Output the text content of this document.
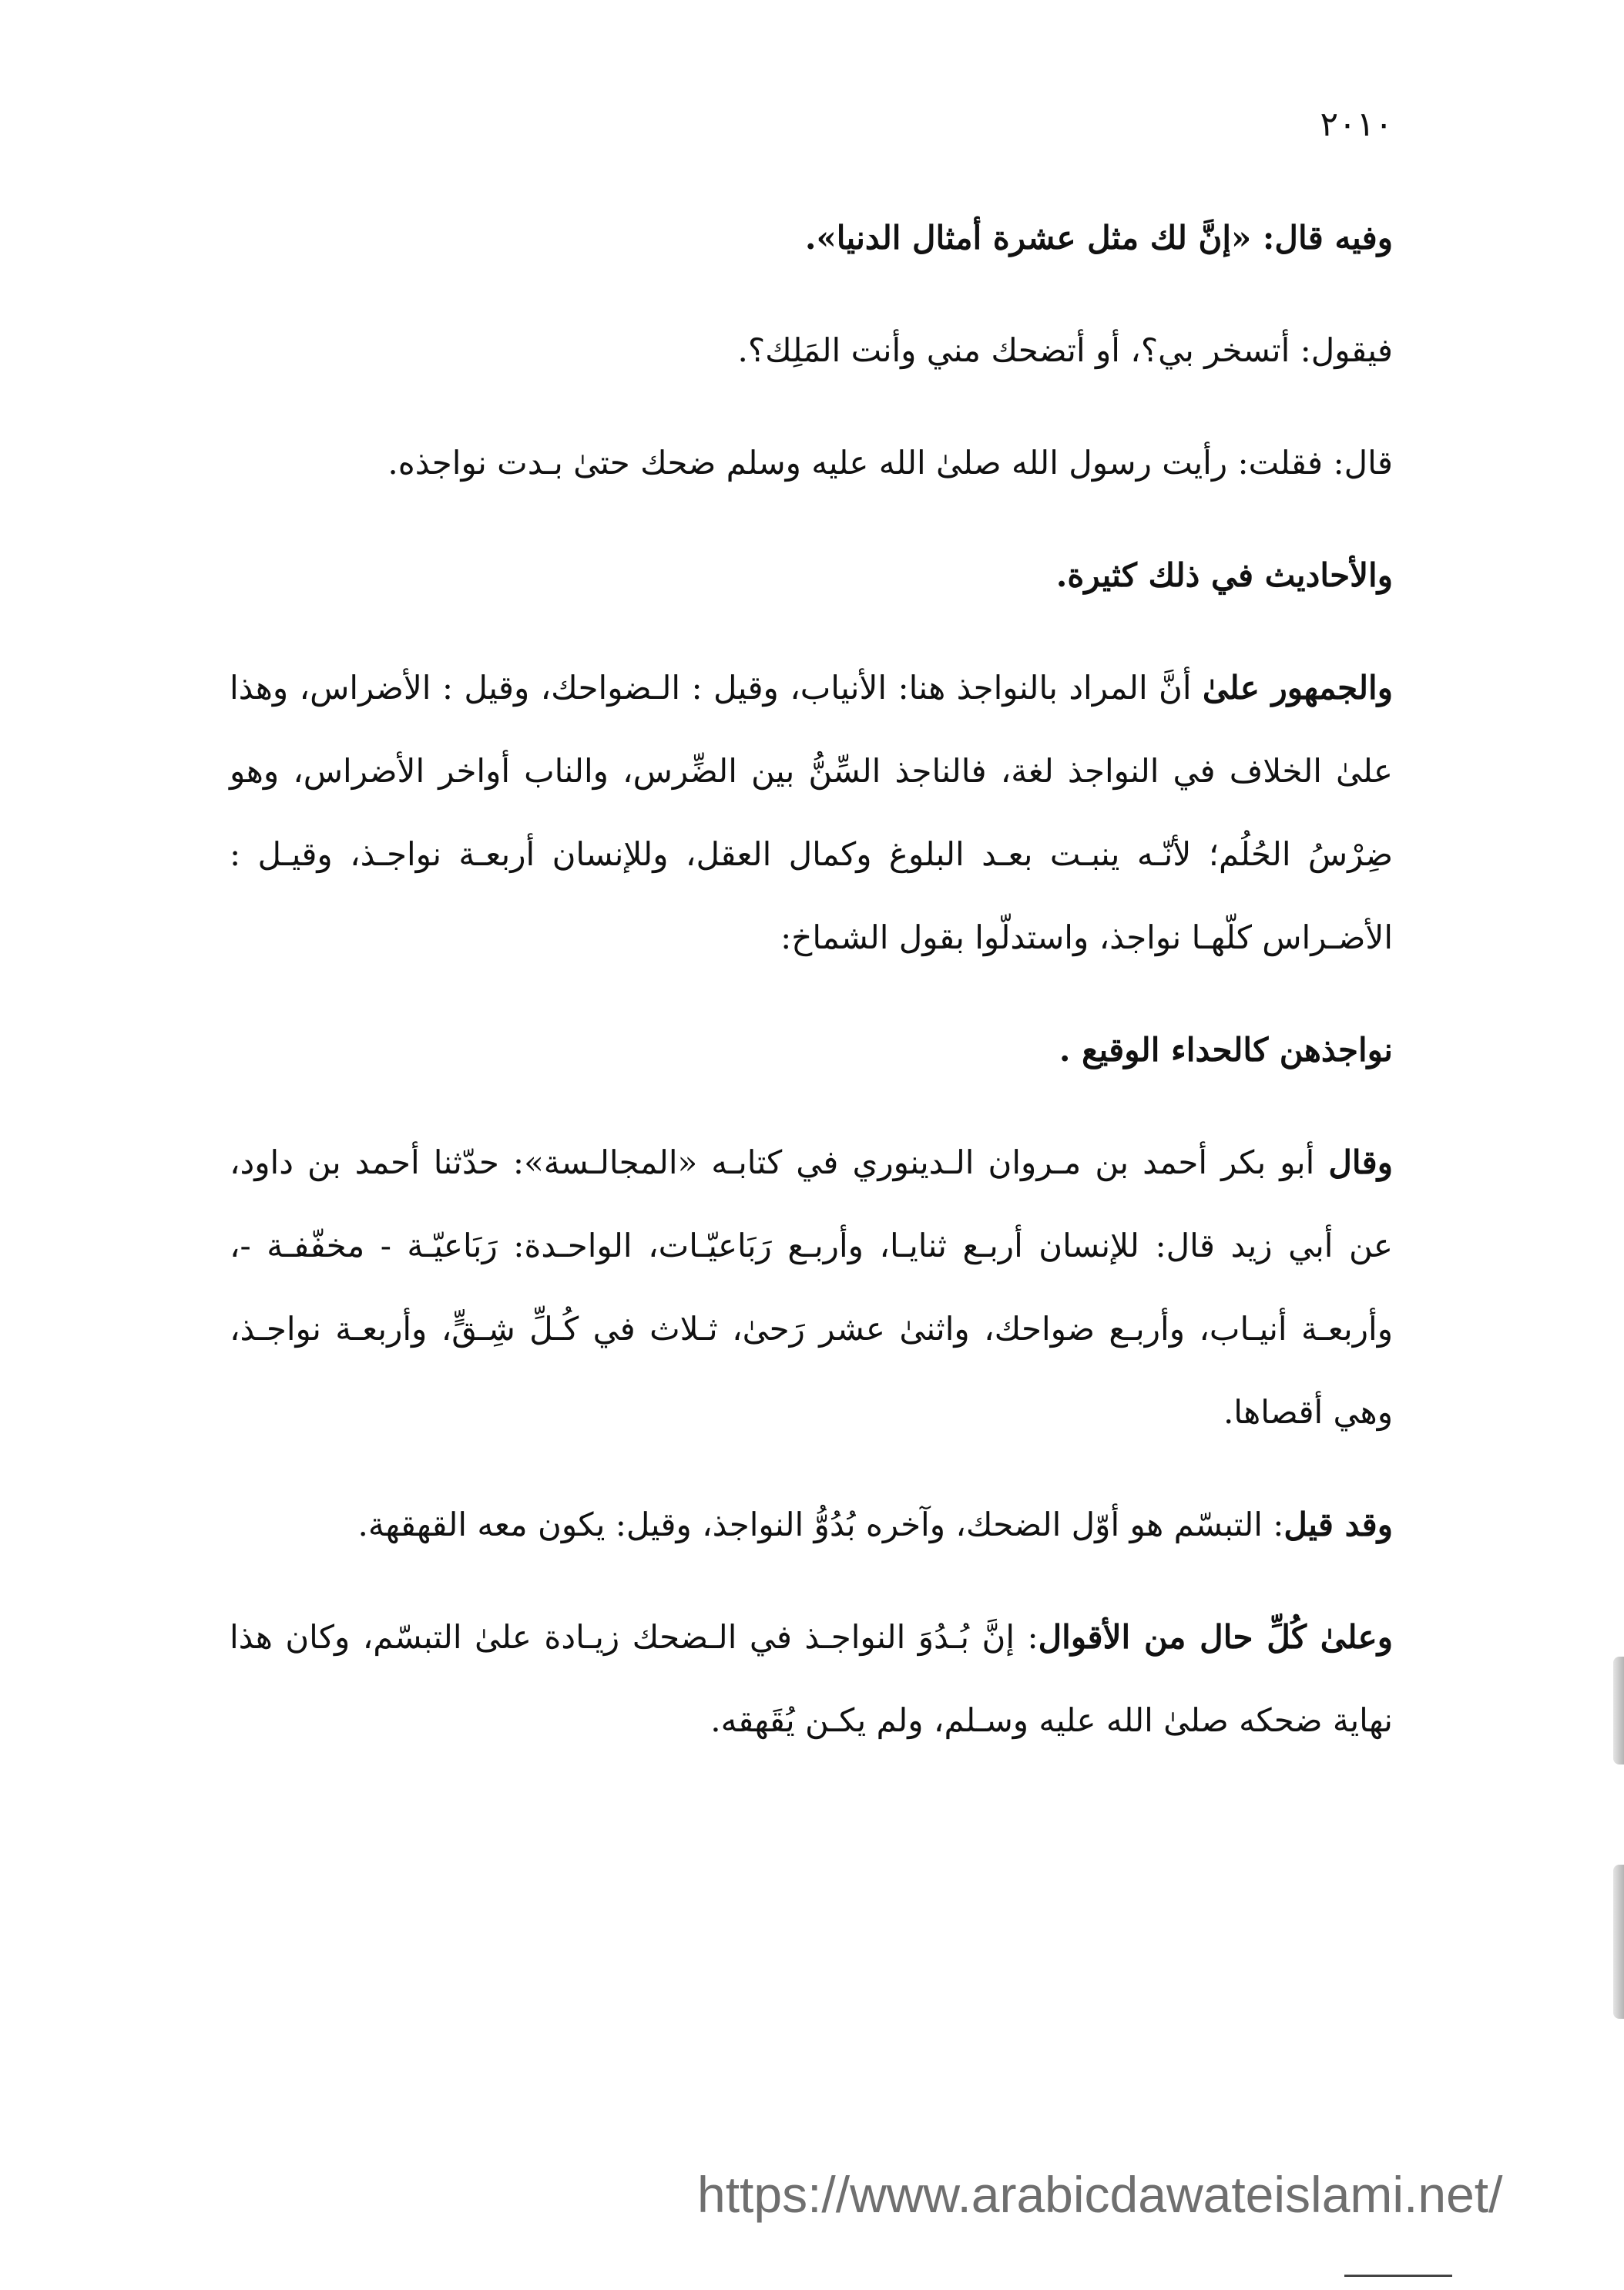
٢٠١٠

وفيه قال: «إنَّ لك مثل عشرة أمثال الدنيا».

فيقول: أتسخر بي؟، أو أتضحك مني وأنت المَلِك؟.

قال: فقلت: رأيت رسول الله صلىٰ الله عليه وسلم ضحك حتىٰ بـدت نواجذه.

والأحاديث في ذلك كثيرة.

والجمهور علىٰ أنَّ المراد بالنواجذ هنا: الأنياب، وقيل : الـضواحك، وقيل : الأضراس، وهذا علىٰ الخلاف في النواجذ لغة، فالناجذ السِّنُّ بين الضِّرس، والناب أواخر الأضراس، وهو ضِرْسُ الحُلُم؛ لأنّـه ينبـت بعـد البلوغ وكمال العقل، وللإنسان أربعـة نواجـذ، وقيـل : الأضـراس كلّهـا نواجذ، واستدلّوا بقول الشماخ:

نواجذهن كالحداء الوقيع .

وقال أبو بكر أحمد بن مـروان الـدينوري في كتابـه «المجالـسة»: حدّثنا أحمد بن داود، عن أبي زيد قال: للإنسان أربـع ثنايـا، وأربـع رَبَاعيّـات، الواحـدة: رَبَاعيّـة - مخفّفـة -، وأربعـة أنيـاب، وأربـع ضواحك، واثنىٰ عشر رَحىٰ، ثـلاث في كُـلِّ شِـقٍّ، وأربعـة نواجـذ، وهي أقصاها.

وقد قيل: التبسّم هو أوّل الضحك، وآخره بُدُوُّ النواجذ، وقيل: يكون معه القهقهة.

وعلىٰ كُلِّ حال من الأقوال: إنَّ بُـدُوَ النواجـذ في الـضحك زيـادة علىٰ التبسّم، وكان هذا نهاية ضحكه صلىٰ الله عليه وسـلم، ولم يكـن يُقَهقه.

https://www.arabicdawateislami.net/
